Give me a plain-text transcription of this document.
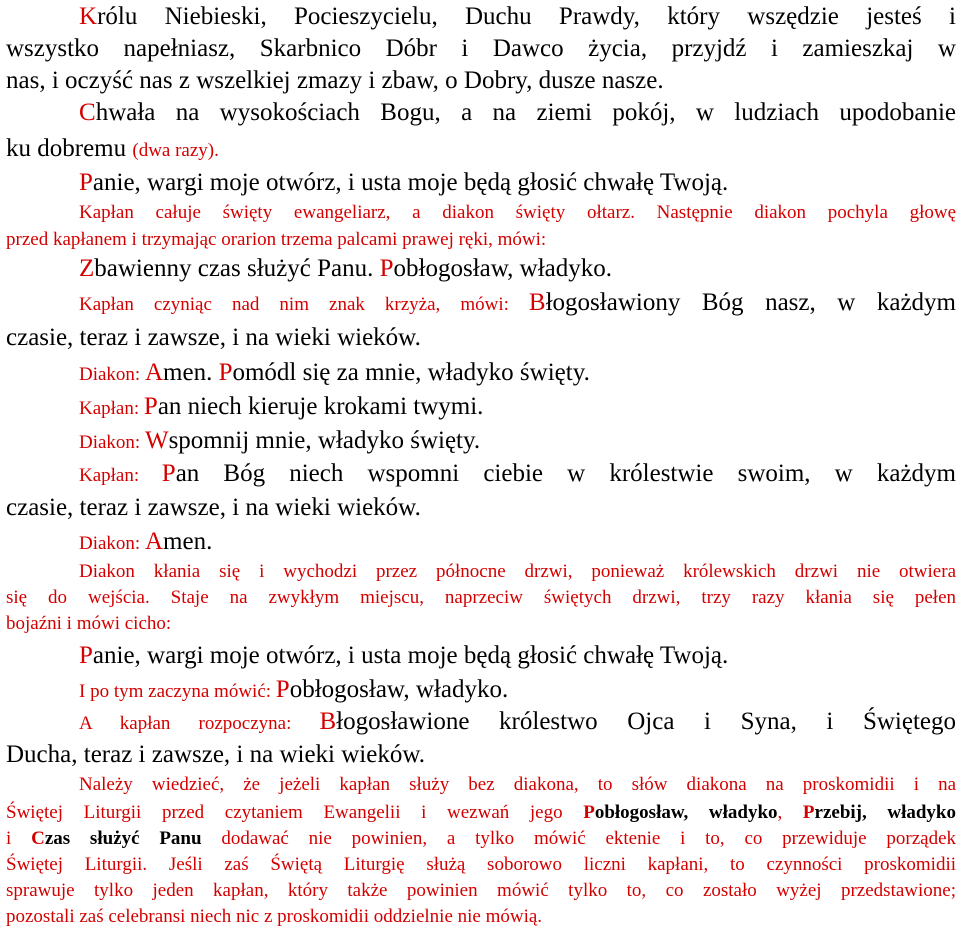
Królu Niebieski, Pocieszycielu, Duchu Prawdy, który wszędzie jesteś i
wszystko napełniasz, Skarbnico Dóbr i Dawco życia, przyjdź i zamieszkaj w
nas, i oczyść nas z wszelkiej zmazy i zbaw, o Dobry, dusze nasze.
Chwała na wysokościach Bogu, a na ziemi pokój, w ludziach upodobanie
ku dobremu (dwa razy).
Panie, wargi moje otwórz, i usta moje będą głosić chwałę Twoją.
Kapłan całuje święty ewangeliarz, a diakon święty ołtarz. Następnie diakon pochyla głowę
przed kapłanem i trzymając orarion trzema palcami prawej ręki, mówi:
Zbawienny czas służyć Panu. Pobłogosław, władyko.
Kapłan czyniąc nad nim znak krzyża, mówi: Błogosławiony Bóg nasz, w każdym
czasie, teraz i zawsze, i na wieki wieków.
Diakon: Amen. Pomódl się za mnie, władyko święty.
Kapłan: Pan niech kieruje krokami twymi.
Diakon: Wspomnij mnie, władyko święty.
Kapłan: Pan Bóg niech wspomni ciebie w królestwie swoim, w każdym
czasie, teraz i zawsze, i na wieki wieków.
Diakon: Amen.
Diakon kłania się i wychodzi przez północne drzwi, ponieważ królewskich drzwi nie otwiera
się do wejścia. Staje na zwykłym miejscu, naprzeciw świętych drzwi, trzy razy kłania się pełen
bojaźni i mówi cicho:
Panie, wargi moje otwórz, i usta moje będą głosić chwałę Twoją.
I po tym zaczyna mówić: Pobłogosław, władyko.
A kapłan rozpoczyna: Błogosławione królestwo Ojca i Syna, i Świętego
Ducha, teraz i zawsze, i na wieki wieków.
Należy wiedzieć, że jeżeli kapłan służy bez diakona, to słów diakona na proskomidii i na
Świętej Liturgii przed czytaniem Ewangelii i wezwań jego Pobłogosław, władyko, Przebij, władyko
i Czas służyć Panu dodawać nie powinien, a tylko mówić ektenie i to, co przewiduje porządek
Świętej Liturgii. Jeśli zaś Świętą Liturgię służą soborowo liczni kapłani, to czynności proskomidii
sprawuje tylko jeden kapłan, który także powinien mówić tylko to, co zostało wyżej przedstawione;
pozostali zaś celebransi niech nic z proskomidii oddzielnie nie mówią.
